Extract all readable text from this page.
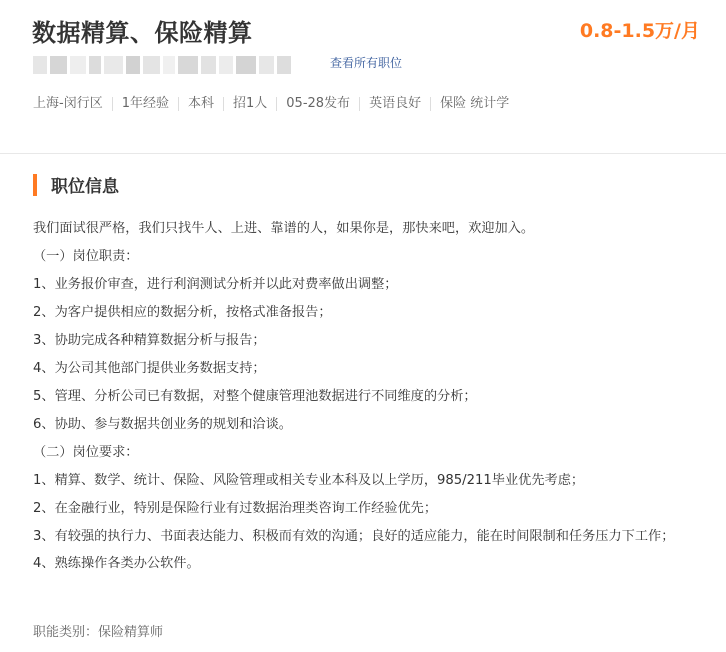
数据精算、保险精算	0.8-1.5万/月
查看所有职位
上海-闵行区	1年经验	本科	招1人	05-28发布	英语良好	保险 统计学
职位信息
我们面试很严格，我们只找牛人、上进、靠谱的人，如果你是，那快来吧，欢迎加入。
（一）岗位职责：
1、业务报价审查，进行利润测试分析并以此对费率做出调整；
2、为客户提供相应的数据分析，按格式准备报告；
3、协助完成各种精算数据分析与报告；
4、为公司其他部门提供业务数据支持；
5、管理、分析公司已有数据，对整个健康管理池数据进行不同维度的分析；
6、协助、参与数据共创业务的规划和洽谈。
（二）岗位要求：
1、精算、数学、统计、保险、风险管理或相关专业本科及以上学历，985/211毕业优先考虑；
2、在金融行业，特别是保险行业有过数据治理类咨询工作经验优先；
3、有较强的执行力、书面表达能力、积极而有效的沟通；良好的适应能力，能在时间限制和任务压力下工作；
4、熟练操作各类办公软件。
职能类别：保险精算师
